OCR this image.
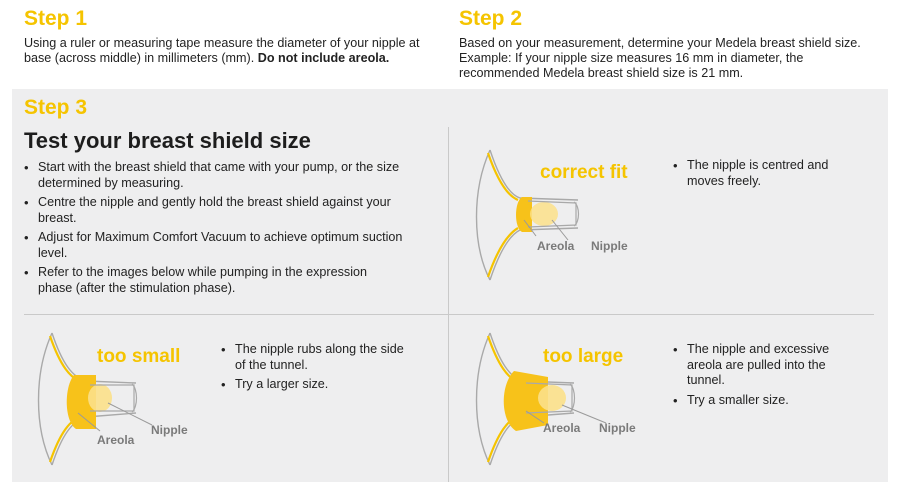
Step 1

Using a ruler or measuring tape measure the diameter of your nipple at base (across middle) in millimeters (mm). Do not include areola.

Step 2

Based on your measurement, determine your Medela breast shield size. Example: If your nipple size measures 16 mm in diameter, the recommended Medela breast shield size is 21 mm.

Step 3
Test your breast shield size
• Start with the breast shield that came with your pump, or the size determined by measuring.
• Centre the nipple and gently hold the breast shield against your breast.
• Adjust for Maximum Comfort Vacuum to achieve optimum suction level.
• Refer to the images below while pumping in the expression phase (after the stimulation phase).
correct fit
Areola Nipple
• The nipple is centred and moves freely.
too small
Areola
Nipple
• The nipple rubs along the side of the tunnel.
• Try a larger size.
too large
Areola Nipple
• The nipple and excessive areola are pulled into the tunnel.
• Try a smaller size.
